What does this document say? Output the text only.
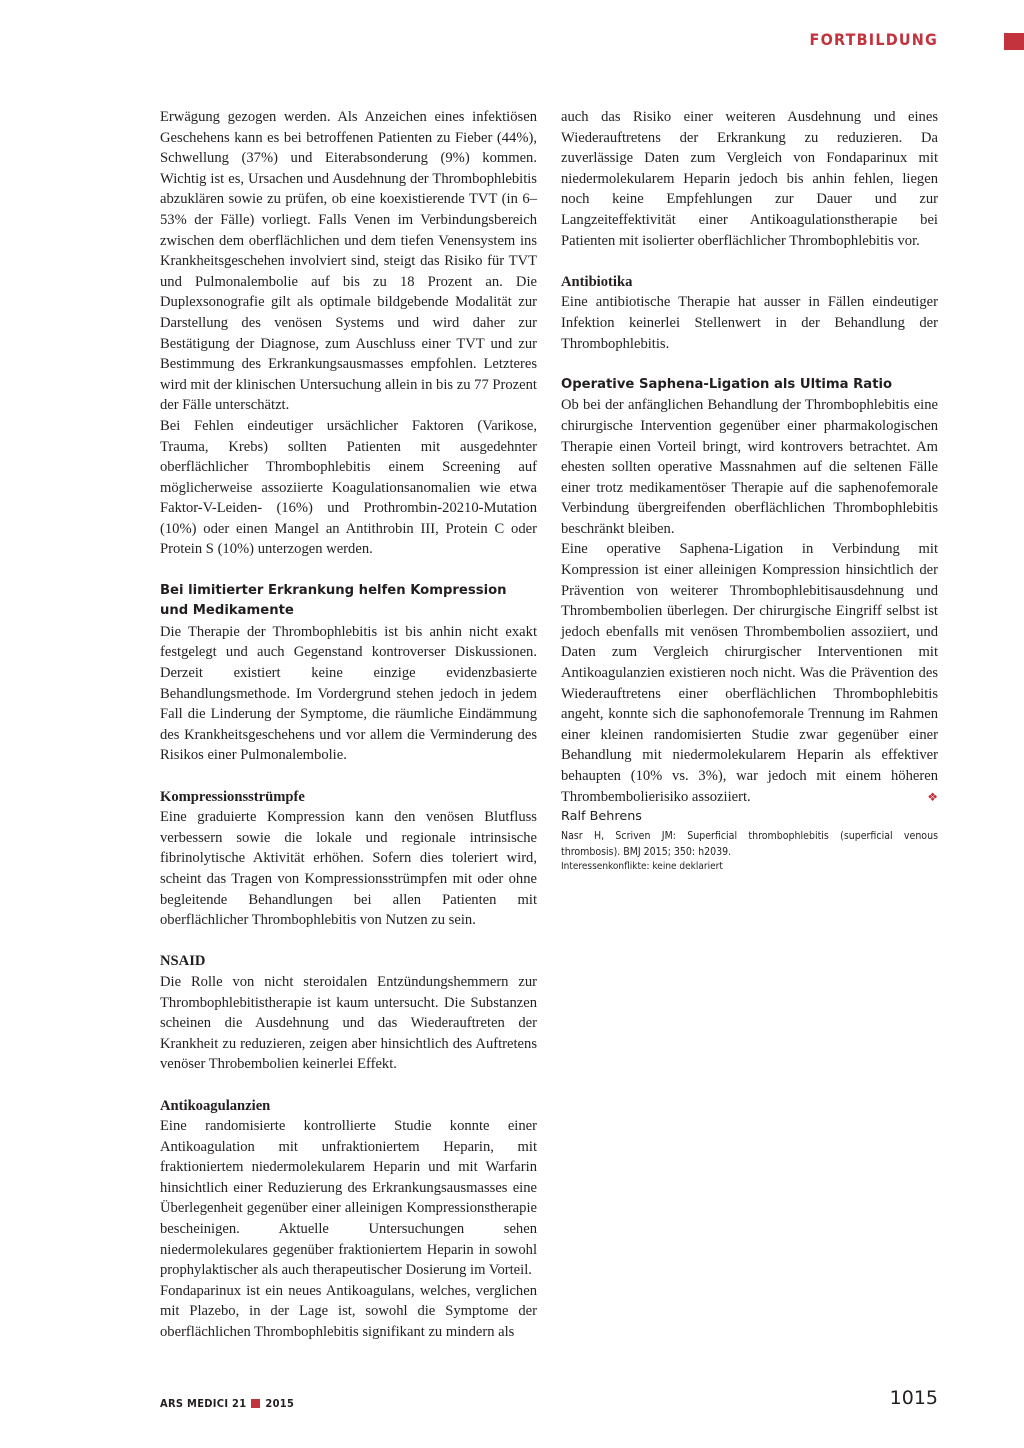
FORTBILDUNG

Erwägung gezogen werden. Als Anzeichen eines infektiösen Geschehens kann es bei betroffenen Patienten zu Fieber (44%), Schwellung (37%) und Eiterabsonderung (9%) kommen. Wichtig ist es, Ursachen und Ausdehnung der Thrombophlebitis abzuklären sowie zu prüfen, ob eine koexistierende TVT (in 6–53% der Fälle) vorliegt. Falls Venen im Verbindungsbereich zwischen dem oberflächlichen und dem tiefen Venensystem ins Krankheitsgeschehen involviert sind, steigt das Risiko für TVT und Pulmonalembolie auf bis zu 18 Prozent an. Die Duplexsonografie gilt als optimale bildgebende Modalität zur Darstellung des venösen Systems und wird daher zur Bestätigung der Diagnose, zum Auschluss einer TVT und zur Bestimmung des Erkrankungsausmasses empfohlen. Letzteres wird mit der klinischen Untersuchung allein in bis zu 77 Prozent der Fälle unterschätzt.

Bei Fehlen eindeutiger ursächlicher Faktoren (Varikose, Trauma, Krebs) sollten Patienten mit ausgedehnter oberflächlicher Thrombophlebitis einem Screening auf möglicherweise assoziierte Koagulationsanomalien wie etwa Faktor-V-Leiden- (16%) und Prothrombin-20210-Mutation (10%) oder einen Mangel an Antithrobin III, Protein C oder Protein S (10%) unterzogen werden.

Bei limitierter Erkrankung helfen Kompression
und Medikamente

Die Therapie der Thrombophlebitis ist bis anhin nicht exakt festgelegt und auch Gegenstand kontroverser Diskussionen. Derzeit existiert keine einzige evidenzbasierte Behandlungsmethode. Im Vordergrund stehen jedoch in jedem Fall die Linderung der Symptome, die räumliche Eindämmung des Krankheitsgeschehens und vor allem die Verminderung des Risikos einer Pulmonalembolie.

Kompressionsstrümpfe

Eine graduierte Kompression kann den venösen Blutfluss verbessern sowie die lokale und regionale intrinsische fibrinolytische Aktivität erhöhen. Sofern dies toleriert wird, scheint das Tragen von Kompressionsstrümpfen mit oder ohne begleitende Behandlungen bei allen Patienten mit oberflächlicher Thrombophlebitis von Nutzen zu sein.

NSAID

Die Rolle von nicht steroidalen Entzündungshemmern zur Thrombophlebitistherapie ist kaum untersucht. Die Substanzen scheinen die Ausdehnung und das Wiederauftreten der Krankheit zu reduzieren, zeigen aber hinsichtlich des Auftretens venöser Throbembolien keinerlei Effekt.

Antikoagulanzien

Eine randomisierte kontrollierte Studie konnte einer Antikoagulation mit unfraktioniertem Heparin, mit fraktioniertem niedermolekularem Heparin und mit Warfarin hinsichtlich einer Reduzierung des Erkrankungsausmasses eine Überlegenheit gegenüber einer alleinigen Kompressionstherapie bescheinigen. Aktuelle Untersuchungen sehen niedermolekulares gegenüber fraktioniertem Heparin in sowohl prophylaktischer als auch therapeutischer Dosierung im Vorteil.

Fondaparinux ist ein neues Antikoagulans, welches, verglichen mit Plazebo, in der Lage ist, sowohl die Symptome der oberflächlichen Thrombophlebitis signifikant zu mindern als

auch das Risiko einer weiteren Ausdehnung und eines Wiederauftretens der Erkrankung zu reduzieren. Da zuverlässige Daten zum Vergleich von Fondaparinux mit niedermolekularem Heparin jedoch bis anhin fehlen, liegen noch keine Empfehlungen zur Dauer und zur Langzeiteffektivität einer Antikoagulationstherapie bei Patienten mit isolierter oberflächlicher Thrombophlebitis vor.

Antibiotika

Eine antibiotische Therapie hat ausser in Fällen eindeutiger Infektion keinerlei Stellenwert in der Behandlung der Thrombophlebitis.

Operative Saphena-Ligation als Ultima Ratio

Ob bei der anfänglichen Behandlung der Thrombophlebitis eine chirurgische Intervention gegenüber einer pharmakologischen Therapie einen Vorteil bringt, wird kontrovers betrachtet. Am ehesten sollten operative Massnahmen auf die seltenen Fälle einer trotz medikamentöser Therapie auf die saphenofemorale Verbindung übergreifenden oberflächlichen Thrombophlebitis beschränkt bleiben.

Eine operative Saphena-Ligation in Verbindung mit Kompression ist einer alleinigen Kompression hinsichtlich der Prävention von weiterer Thrombophlebitisausdehnung und Thrombembolien überlegen. Der chirurgische Eingriff selbst ist jedoch ebenfalls mit venösen Thrombembolien assoziiert, und Daten zum Vergleich chirurgischer Interventionen mit Antikoagulanzien existieren noch nicht. Was die Prävention des Wiederauftretens einer oberflächlichen Thrombophlebitis angeht, konnte sich die saphonofemorale Trennung im Rahmen einer kleinen randomisierten Studie zwar gegenüber einer Behandlung mit niedermolekularem Heparin als effektiver behaupten (10% vs. 3%), war jedoch mit einem höheren Thrombembolierisiko assoziiert.	❖

Ralf Behrens

Nasr H, Scriven JM: Superficial thrombophlebitis (superficial venous thrombosis). BMJ 2015; 350: h2039.

Interessenkonflikte: keine deklariert

ARS MEDICI 21 2015	1015
